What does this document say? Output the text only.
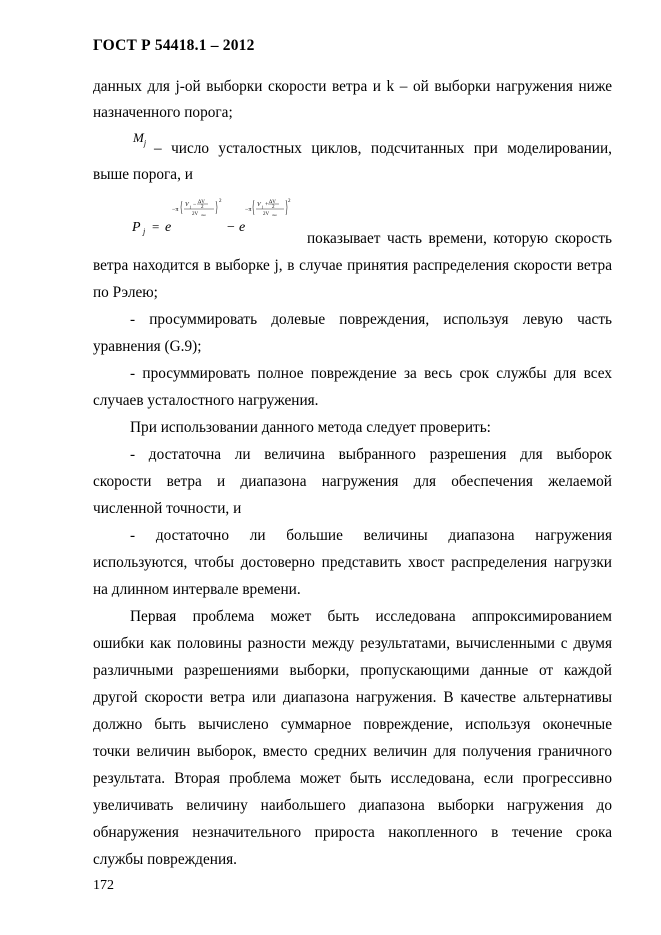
ГОСТ Р 54418.1 – 2012
данных для j-ой выборки скорости ветра и k – ой выборки нагружения ниже
назначенного порога;
$M_j$ – число усталостных циклов, подсчитанных при моделировании,
выше порога, и
P j = e
−π
V j − ΔV
2
2V ave
2
− e
−π
V j + ΔV
2
2V ave
2
показывает часть времени, которую скорость
ветра находится в выборке j, в случае принятия распределения скорости ветра
по Рэлею;
- просуммировать долевые повреждения, используя левую часть
уравнения (G.9);
- просуммировать полное повреждение за весь срок службы для всех
случаев усталостного нагружения.
При использовании данного метода следует проверить:
- достаточна ли величина выбранного разрешения для выборок
скорости ветра и диапазона нагружения для обеспечения желаемой
численной точности, и
- достаточно ли большие величины диапазона нагружения
используются, чтобы достоверно представить хвост распределения нагрузки
на длинном интервале времени.
Первая проблема может быть исследована аппроксимированием
ошибки как половины разности между результатами, вычисленными с двумя
различными разрешениями выборки, пропускающими данные от каждой
другой скорости ветра или диапазона нагружения. В качестве альтернативы
должно быть вычислено суммарное повреждение, используя оконечные
точки величин выборок, вместо средних величин для получения граничного
результата. Вторая проблема может быть исследована, если прогрессивно
увеличивать величину наибольшего диапазона выборки нагружения до
обнаружения незначительного прироста накопленного в течение срока
службы повреждения.
172
